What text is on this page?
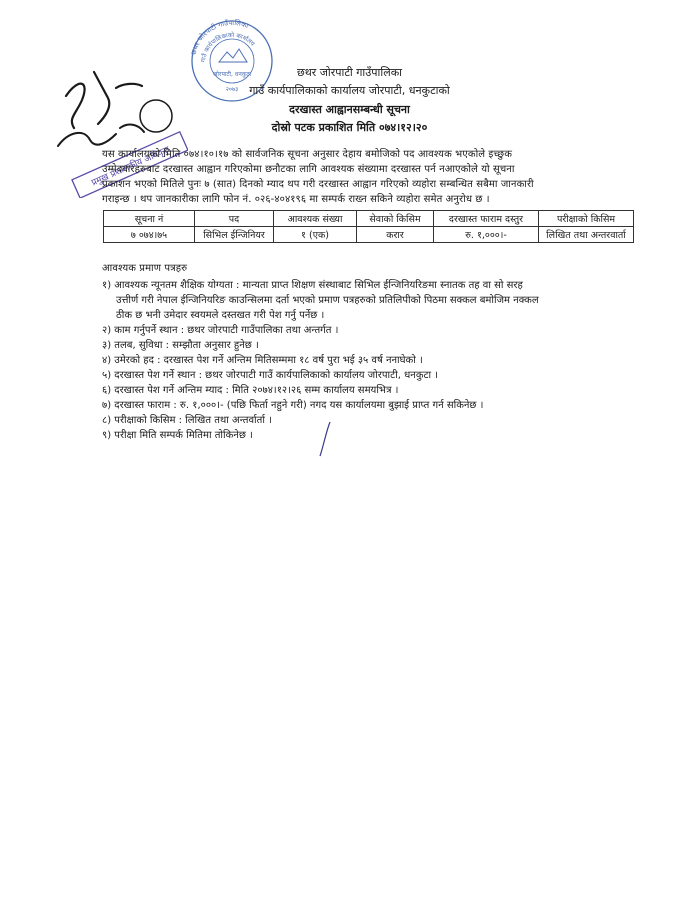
छथर जोरपाटी गाउँपालिका
गाउँ कार्यपालिकाको कार्यालय
जोरपाटी, धनकुटा
२०७३
प्रमुख प्रशासकीय अधिकृत
छथर जोरपाटी गाउँपालिका
गाउँ कार्यपालिकाको कार्यालय जोरपाटी, धनकुटाको
दरखास्त आह्वानसम्बन्धी सूचना
दोस्रो पटक प्रकाशित मिति ०७४।१२।२०
यस कार्यालयको मिति ०७४।१०।१७ को सार्वजनिक सूचना अनुसार देहाय बमोजिको पद आवश्यक भएकोले इच्छुक
उम्मेदवारहरुबाट दरखास्त आह्वान गरिएकोमा छनौटका लागि आवश्यक संख्यामा दरखास्त पर्न नआएकोले यो सूचना
प्रकाशन भएको मितिले पुनः ७ (सात) दिनको म्याद थप गरी दरखास्त आह्वान गरिएको व्यहोरा सम्बन्धित सबैमा जानकारी
गराइन्छ । थप जानकारीका लागि फोन नं. ०२६-४०४१९६ मा सम्पर्क राख्न सकिने व्यहोरा समेत अनुरोध छ ।
सूचना नं	पद	आवश्यक संख्या	सेवाको किसिम	दरखास्त फाराम दस्तुर	परीक्षाको किसिम
७ ०७४।७५	सिभिल ईन्जिनियर	१ (एक)	करार	रु. १,०००।-	लिखित तथा अन्तरवार्ता
आवश्यक प्रमाण पत्रहरु
१) आवश्यक न्यूनतम शैक्षिक योग्यता : मान्यता प्राप्त शिक्षण संस्थाबाट सिभिल ईन्जिनियरिङमा स्नातक तह वा सो सरह
उत्तीर्ण गरी नेपाल ईन्जिनियरिङ काउन्सिलमा दर्ता भएको प्रमाण पत्रहरुको प्रतिलिपीको पिठमा सक्कल बमोजिम नक्कल
ठीक छ भनी उमेदार स्वयमले दस्तखत गरी पेश गर्नु पर्नेछ ।
२) काम गर्नुपर्ने स्थान : छथर जोरपाटी गाउँपालिका तथा अन्तर्गत ।
३) तलब, सुविधा : सम्झौता अनुसार हुनेछ ।
४) उमेरको हद : दरखास्त पेश गर्ने अन्तिम मितिसम्ममा १८ वर्ष पुरा भई ३५ वर्ष ननाघेको ।
५) दरखास्त पेश गर्ने स्थान : छथर जोरपाटी गाउँ कार्यपालिकाको कार्यालय जोरपाटी, धनकुटा ।
६) दरखास्त पेश गर्ने अन्तिम म्याद : मिति २०७४।१२।२६ सम्म कार्यालय समयभित्र ।
७) दरखास्त फाराम : रु. १,०००।- (पछि फिर्ता नहुने गरी) नगद यस कार्यालयमा बुझाई प्राप्त गर्न सकिनेछ ।
८) परीक्षाको किसिम : लिखित तथा अन्तर्वार्ता ।
९) परीक्षा मिति सम्पर्क मितिमा तोकिनेछ ।
